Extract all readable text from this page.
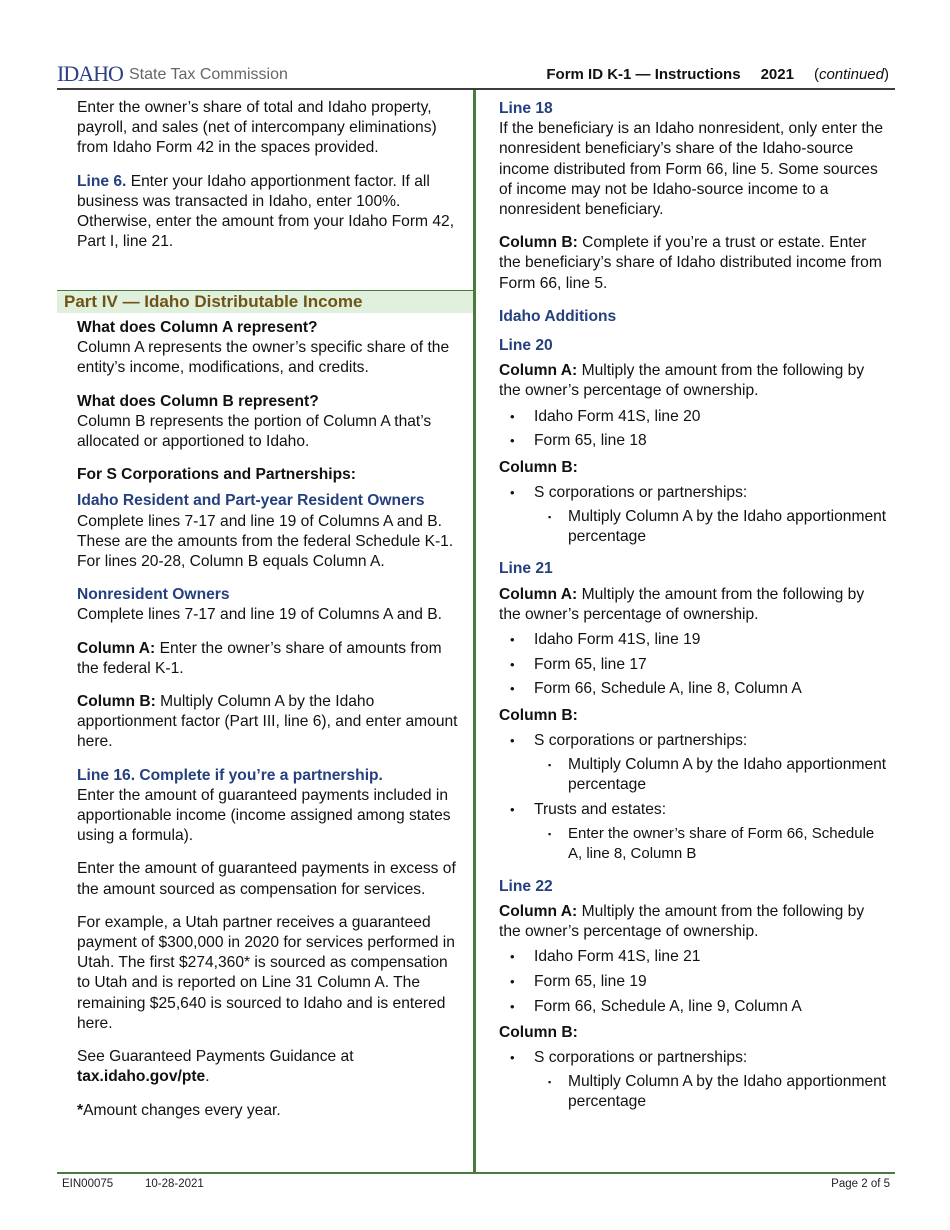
IDAHO State Tax Commission	Form ID K-1 — Instructions 2021 (continued)
Part IV — Idaho Distributable Income

Enter the owner’s share of total and Idaho property, payroll, and sales (net of intercompany eliminations) from Idaho Form 42 in the spaces provided.

Line 6. Enter your Idaho apportionment factor. If all business was transacted in Idaho, enter 100%. Otherwise, enter the amount from your Idaho Form 42, Part I, line 21.

What does Column A represent?

Column A represents the owner’s specific share of the entity’s income, modifications, and credits.

What does Column B represent?

Column B represents the portion of Column A that’s allocated or apportioned to Idaho.

For S Corporations and Partnerships:

Idaho Resident and Part-year Resident Owners

Complete lines 7-17 and line 19 of Columns A and B. These are the amounts from the federal Schedule K-1. For lines 20-28, Column B equals Column A.

Nonresident Owners

Complete lines 7-17 and line 19 of Columns A and B.

Column A: Enter the owner’s share of amounts from the federal K-1.

Column B: Multiply Column A by the Idaho apportionment factor (Part III, line 6), and enter amount here.

Line 16. Complete if you’re a partnership.

Enter the amount of guaranteed payments included in apportionable income (income assigned among states using a formula).

Enter the amount of guaranteed payments in excess of the amount sourced as compensation for services.

For example, a Utah partner receives a guaranteed payment of $300,000 in 2020 for services performed in Utah. The first $274,360* is sourced as compensation to Utah and is reported on Line 31 Column A. The remaining $25,640 is sourced to Idaho and is entered here.

See Guaranteed Payments Guidance at tax.idaho.gov/pte.

*Amount changes every year.

Line 18

If the beneficiary is an Idaho nonresident, only enter the nonresident beneficiary’s share of the Idaho-source income distributed from Form 66, line 5. Some sources of income may not be Idaho-source income to a nonresident beneficiary.

Column B: Complete if you’re a trust or estate. Enter the beneficiary’s share of Idaho distributed income from Form 66, line 5.

Idaho Additions

Line 20

Column A: Multiply the amount from the following by the owner’s percentage of ownership.

• Idaho Form 41S, line 20
• Form 65, line 18

Column B:

• S corporations or partnerships:
▪ Multiply Column A by the Idaho apportionment percentage

Line 21

Column A: Multiply the amount from the following by the owner’s percentage of ownership.

• Idaho Form 41S, line 19
• Form 65, line 17
• Form 66, Schedule A, line 8, Column A

Column B:

• S corporations or partnerships:
▪ Multiply Column A by the Idaho apportionment percentage
• Trusts and estates:
▪ Enter the owner’s share of Form 66, Schedule A, line 8, Column B

Line 22

Column A: Multiply the amount from the following by the owner’s percentage of ownership.

• Idaho Form 41S, line 21
• Form 65, line 19
• Form 66, Schedule A, line 9, Column A

Column B:

• S corporations or partnerships:
▪ Multiply Column A by the Idaho apportionment percentage
EIN00075	10-28-2021	Page 2 of 5
